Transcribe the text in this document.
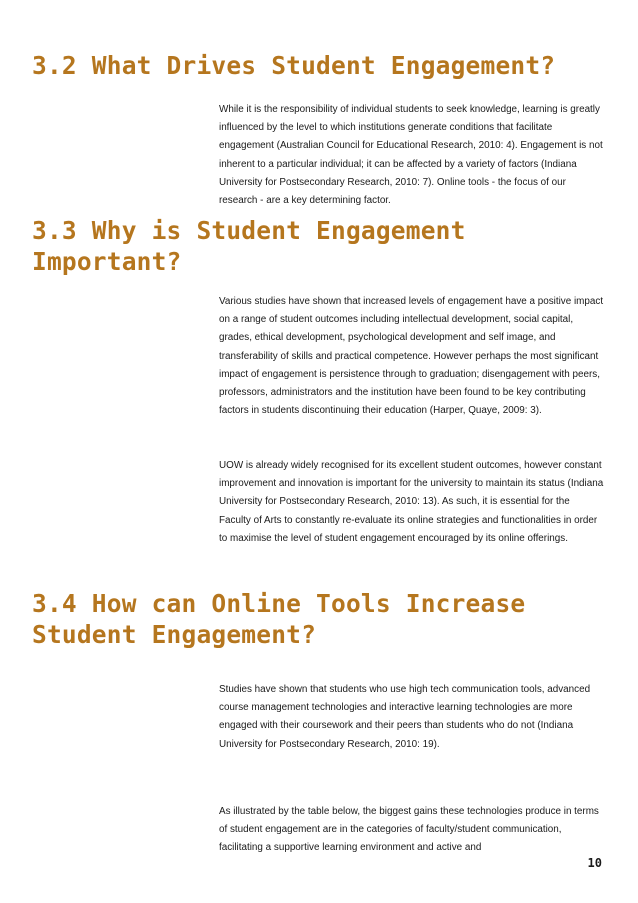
3.2 What Drives Student Engagement?

While it is the responsibility of individual students to seek knowledge, learning is greatly influenced by the level to which institutions generate conditions that facilitate engagement (Australian Council for Educational Research, 2010: 4). Engagement is not inherent to a particular individual; it can be affected by a variety of factors (Indiana University for Postsecondary Research, 2010: 7). Online tools - the focus of our research - are a key determining factor.

3.3 Why is Student Engagement
Important?

Various studies have shown that increased levels of engagement have a positive impact on a range of student outcomes including intellectual development, social capital, grades, ethical development, psychological development and self image, and transferability of skills and practical competence. However perhaps the most significant impact of engagement is persistence through to graduation; disengagement with peers, professors, administrators and the institution have been found to be key contributing factors in students discontinuing their education (Harper, Quaye, 2009: 3).

UOW is already widely recognised for its excellent student outcomes, however constant improvement and innovation is important for the university to maintain its status (Indiana University for Postsecondary Research, 2010: 13). As such, it is essential for the Faculty of Arts to constantly re-evaluate its online strategies and functionalities in order to maximise the level of student engagement encouraged by its online offerings.

3.4 How can Online Tools Increase
Student Engagement?

Studies have shown that students who use high tech communication tools, advanced course management technologies and interactive learning technologies are more engaged with their coursework and their peers than students who do not (Indiana University for Postsecondary Research, 2010: 19).

As illustrated by the table below, the biggest gains these technologies produce in terms of student engagement are in the categories of faculty/student communication, facilitating a supportive learning environment and active and

10
